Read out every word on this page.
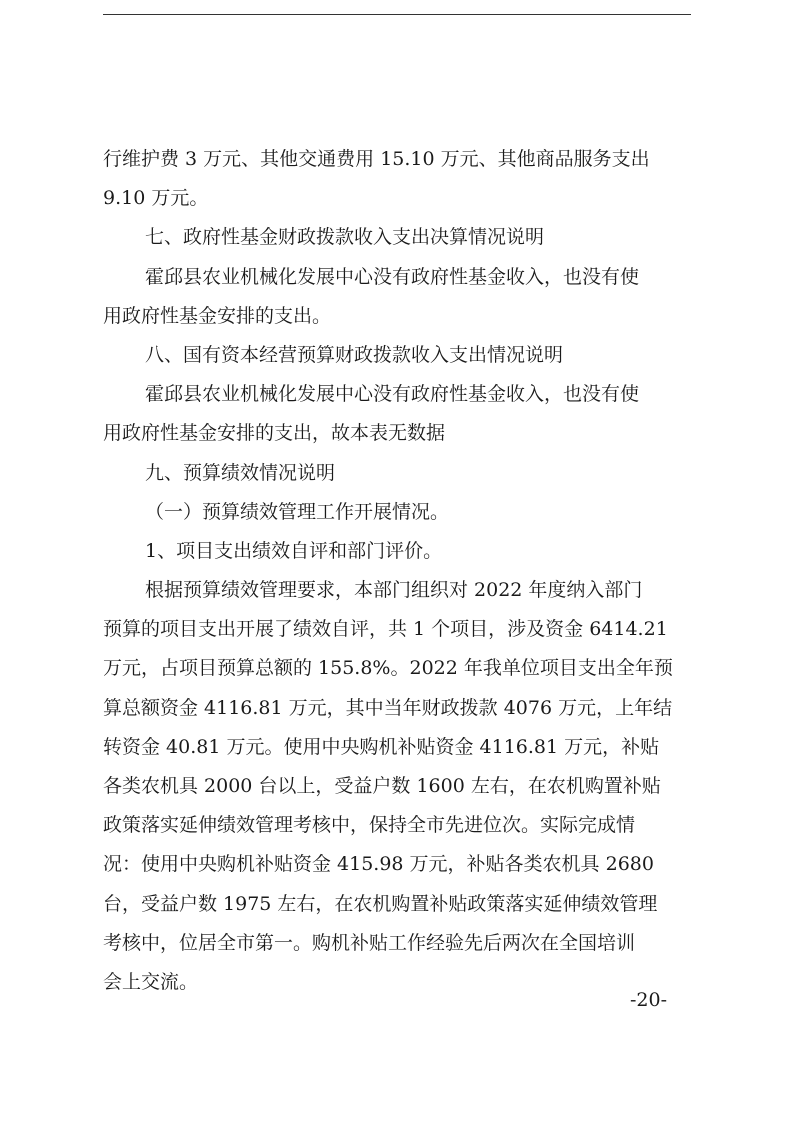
行维护费 3 万元、其他交通费用 15.10 万元、其他商品服务支出

9.10 万元。

七、政府性基金财政拨款收入支出决算情况说明

霍邱县农业机械化发展中心没有政府性基金收入，也没有使

用政府性基金安排的支出。

八、国有资本经营预算财政拨款收入支出情况说明

霍邱县农业机械化发展中心没有政府性基金收入，也没有使

用政府性基金安排的支出，故本表无数据

九、预算绩效情况说明

（一）预算绩效管理工作开展情况。

1、项目支出绩效自评和部门评价。

根据预算绩效管理要求，本部门组织对 2022 年度纳入部门

预算的项目支出开展了绩效自评，共 1 个项目，涉及资金 6414.21

万元，占项目预算总额的 155.8%。2022 年我单位项目支出全年预

算总额资金 4116.81 万元，其中当年财政拨款 4076 万元，上年结

转资金 40.81 万元。使用中央购机补贴资金 4116.81 万元，补贴

各类农机具 2000 台以上，受益户数 1600 左右，在农机购置补贴

政策落实延伸绩效管理考核中，保持全市先进位次。实际完成情

况：使用中央购机补贴资金 415.98 万元，补贴各类农机具 2680

台，受益户数 1975 左右，在农机购置补贴政策落实延伸绩效管理

考核中，位居全市第一。购机补贴工作经验先后两次在全国培训

会上交流。

-20-
